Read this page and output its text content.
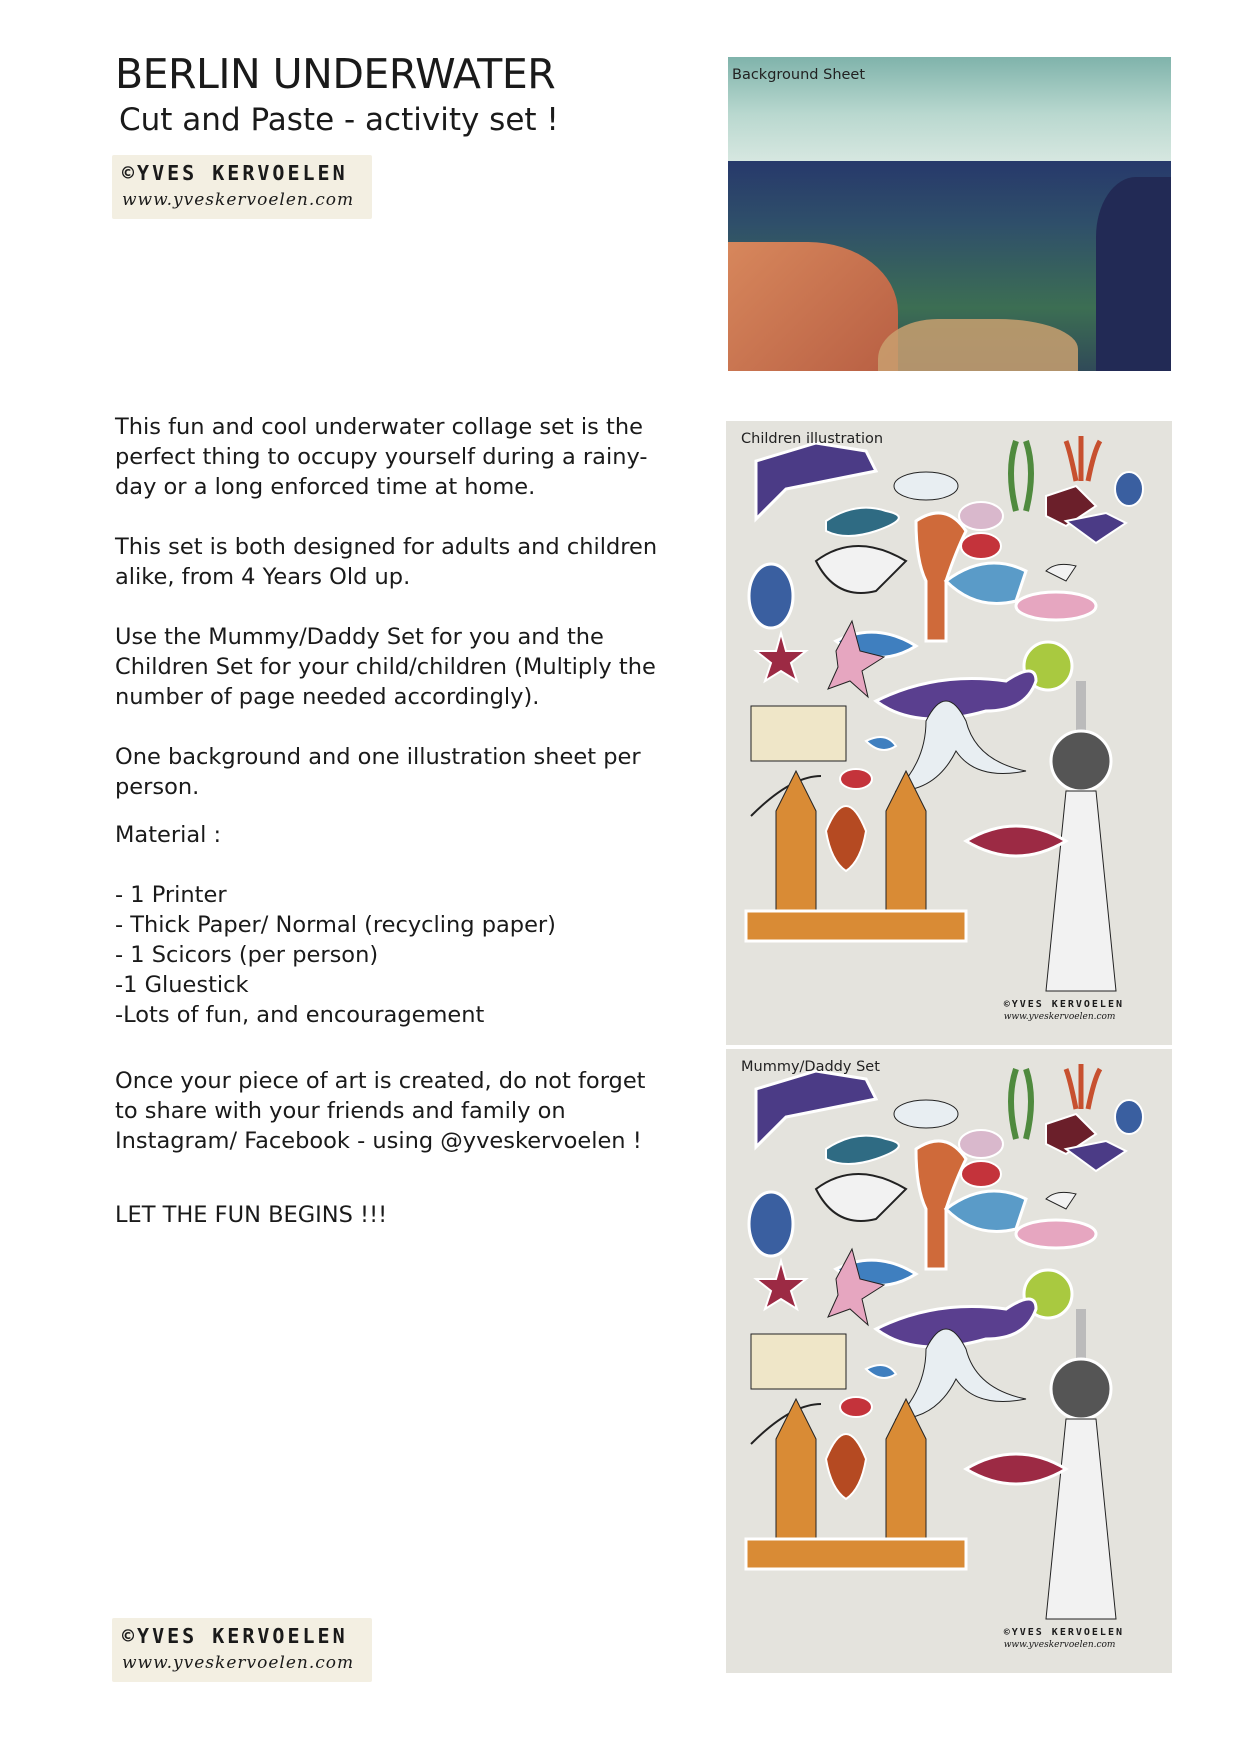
BERLIN UNDERWATER
Cut and Paste - activity set !
©YVES KERVOELEN
www.yveskervoelen.com

This fun and cool underwater collage set is the perfect thing to occupy yourself during a rainy-day or a long enforced time at home.

This set is both designed for adults and children alike, from 4 Years Old up.

Use the Mummy/Daddy Set for you and the Children Set for your child/children (Multiply the number of page needed accordingly).

One background and one illustration sheet per person.

Material :

- 1 Printer
- Thick Paper/ Normal (recycling paper)
- 1 Scicors (per person)
-1 Gluestick
-Lots of fun, and encouragement

Once your piece of art is created, do not forget to share with your friends and family on Instagram/ Facebook - using @yveskervoelen !

LET THE FUN BEGINS !!!

©YVES KERVOELEN
www.yveskervoelen.com
Background Sheet
Children illustration
©YVES KERVOELEN
www.yveskervoelen.com
Mummy/Daddy Set
©YVES KERVOELEN
www.yveskervoelen.com
